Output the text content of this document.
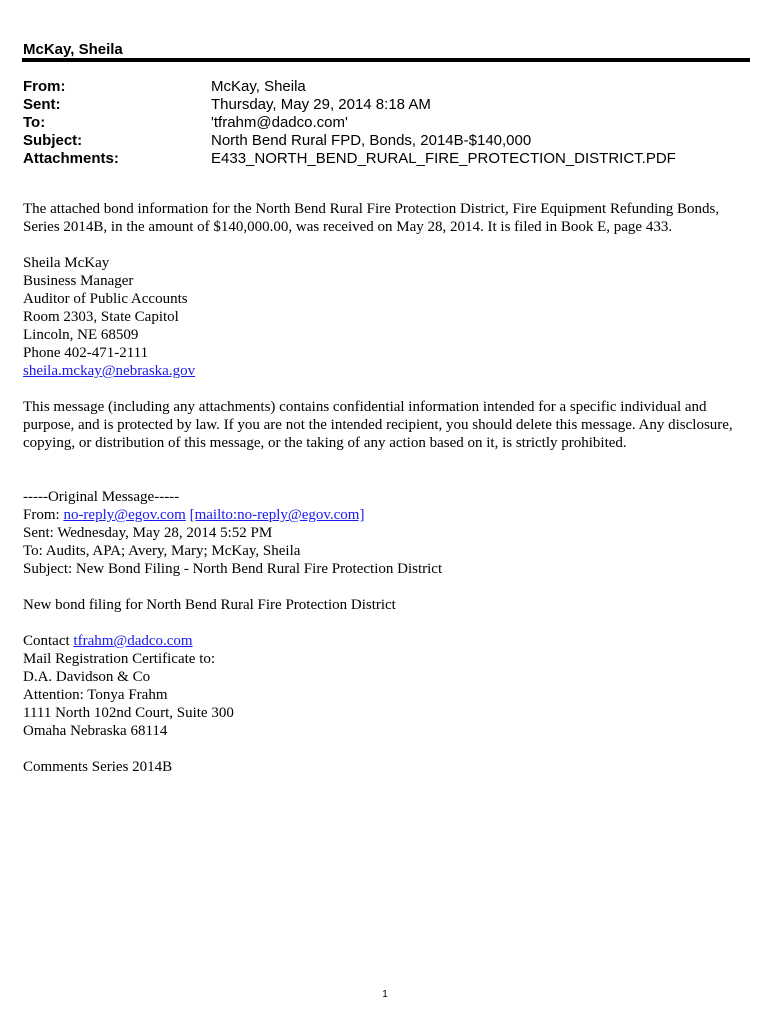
McKay, Sheila
From:	McKay, Sheila
Sent:	Thursday, May 29, 2014 8:18 AM
To:	'tfrahm@dadco.com'
Subject:	North Bend Rural FPD, Bonds, 2014B-$140,000
Attachments:	E433_NORTH_BEND_RURAL_FIRE_PROTECTION_DISTRICT.PDF

The attached bond information for the North Bend Rural Fire Protection District, Fire Equipment Refunding Bonds, Series 2014B, in the amount of $140,000.00, was received on May 28, 2014. It is filed in Book E, page 433.

Sheila McKay

Business Manager

Auditor of Public Accounts

Room 2303, State Capitol

Lincoln, NE 68509

Phone 402-471-2111

sheila.mckay@nebraska.gov

This message (including any attachments) contains confidential information intended for a specific individual and purpose, and is protected by law. If you are not the intended recipient, you should delete this message. Any disclosure, copying, or distribution of this message, or the taking of any action based on it, is strictly prohibited.

-----Original Message-----

From: no-reply@egov.com [mailto:no-reply@egov.com]

Sent: Wednesday, May 28, 2014 5:52 PM

To: Audits, APA; Avery, Mary; McKay, Sheila

Subject: New Bond Filing - North Bend Rural Fire Protection District

New bond filing for North Bend Rural Fire Protection District

Contact tfrahm@dadco.com

Mail Registration Certificate to:

D.A. Davidson & Co

Attention: Tonya Frahm

1111 North 102nd Court, Suite 300

Omaha Nebraska 68114

Comments Series 2014B

1
